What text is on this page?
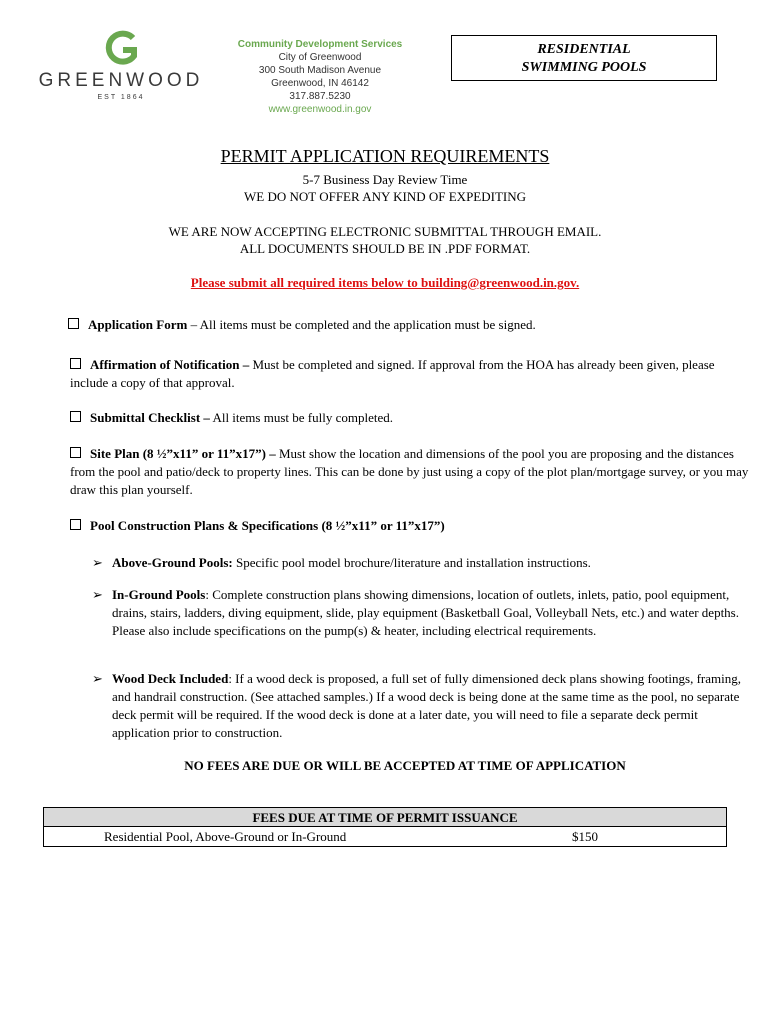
GREENWOOD
EST 1864
Community Development Services
City of Greenwood
300 South Madison Avenue
Greenwood, IN 46142
317.887.5230
www.greenwood.in.gov
RESIDENTIAL
SWIMMING POOLS
PERMIT APPLICATION REQUIREMENTS
5-7 Business Day Review Time
WE DO NOT OFFER ANY KIND OF EXPEDITING
WE ARE NOW ACCEPTING ELECTRONIC SUBMITTAL THROUGH EMAIL.
ALL DOCUMENTS SHOULD BE IN .PDF FORMAT.
Please submit all required items below to building@greenwood.in.gov.
Application Form – All items must be completed and the application must be signed.
Affirmation of Notification – Must be completed and signed. If approval from the HOA has already been given, please include a copy of that approval.
Submittal Checklist – All items must be fully completed.
Site Plan (8 ½”x11” or 11”x17”) – Must show the location and dimensions of the pool you are proposing and the distances from the pool and patio/deck to property lines. This can be done by just using a copy of the plot plan/mortgage survey, or you may draw this plan yourself.
Pool Construction Plans & Specifications (8 ½”x11” or 11”x17”)
➢ Above-Ground Pools: Specific pool model brochure/literature and installation instructions.
➢ In-Ground Pools: Complete construction plans showing dimensions, location of outlets, inlets, patio, pool equipment, drains, stairs, ladders, diving equipment, slide, play equipment (Basketball Goal, Volleyball Nets, etc.) and water depths. Please also include specifications on the pump(s) & heater, including electrical requirements.
➢ Wood Deck Included: If a wood deck is proposed, a full set of fully dimensioned deck plans showing footings, framing, and handrail construction. (See attached samples.) If a wood deck is being done at the same time as the pool, no separate deck permit will be required. If the wood deck is done at a later date, you will need to file a separate deck permit application prior to construction.
NO FEES ARE DUE OR WILL BE ACCEPTED AT TIME OF APPLICATION
FEES DUE AT TIME OF PERMIT ISSUANCE
Residential Pool, Above-Ground or In-Ground	$150
